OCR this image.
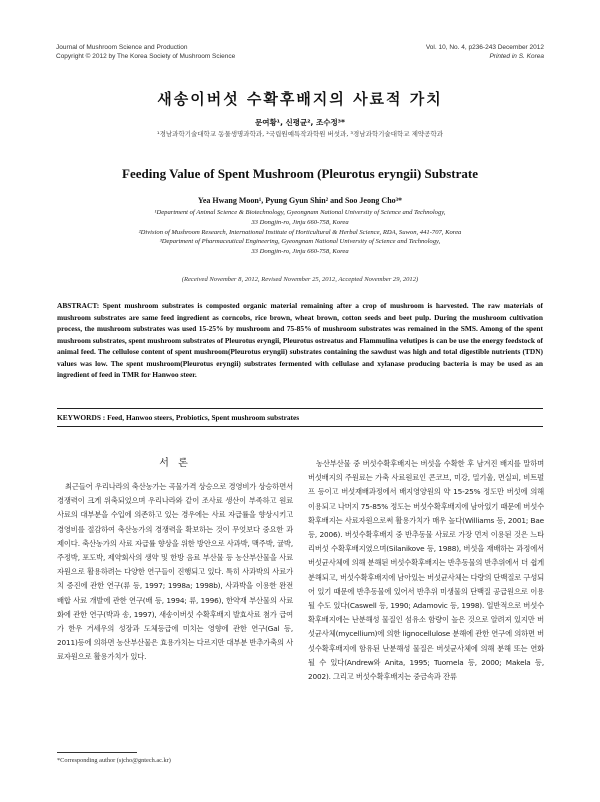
Journal of Mushroom Science and Production
Copyright © 2012 by The Korea Society of Mushroom Science
Vol. 10, No. 4, p236-243 December 2012
Printed in S. Korea
새송이버섯 수확후배지의 사료적 가치
문여황¹, 신평균², 조수정³*
¹경남과학기술대학교 동물생명과학과, ²국립원예특작과학원 버섯과, ³경남과학기술대학교 제약공학과
Feeding Value of Spent Mushroom (Pleurotus eryngii) Substrate
Yea Hwang Moon¹, Pyung Gyun Shin² and Soo Jeong Cho³*
¹Department of Animal Science & Biotechnology, Gyeongnam National University of Science and Technology,
33 Dongjin-ro, Jinju 660-758, Korea
²Division of Mushroom Research, International Institute of Horticultural & Herbal Science, RDA, Suwon, 441-707, Korea
³Department of Pharmaceutical Engineering, Gyeongnam National University of Science and Technology,
33 Dongjin-ro, Jinju 660-758, Korea
(Received November 8, 2012, Revised November 25, 2012, Accepted November 29, 2012)
ABSTRACT: Spent mushroom substrates is composted organic material remaining after a crop of mushroom is harvested. The raw materials of mushroom substrates are same feed ingredient as corncobs, rice brown, wheat brown, cotton seeds and beet pulp. During the mushroom cultivation process, the mushroom substrates was used 15-25% by mushroom and 75-85% of mushroom substrates was remained in the SMS. Among of the spent mushroom substrates, spent mushroom substrates of Pleurotus eryngii, Pleurotus ostreatus and Flammulina velutipes is can be use the energy feedstock of animal feed. The cellulose content of spent mushroom(Pleurotus eryngii) substrates containing the sawdust was high and total digestible nutrients (TDN) values was low. The spent mushroom(Pleurotus eryngii) substrates fermented with cellulase and xylanase producing bacteria is may be used as an ingredient of feed in TMR for Hanwoo steer.
KEYWORDS : Feed, Hanwoo steers, Probiotics, Spent mushroom substrates
서 론
최근들어 우리나라의 축산농가는 곡물가격 상승으로 경영비가 상승하면서 경쟁력이 크게 위축되었으며 우리나라와 같이 조사료 생산이 부족하고 원료사료의 대부분을 수입에 의존하고 있는 경우에는 사료 자급률을 향상시키고 경영비를 절감하여 축산농가의 경쟁력을 확보하는 것이 무엇보다 중요한 과제이다. 축산농가의 사료 자급률 향상을 위한 방안으로 사과박, 맥주박, 귤박, 주정박, 포도박, 제약회사의 생약 및 한방 음료 부산물 등 농산부산물을 사료자원으로 활용하려는 다양한 연구들이 진행되고 있다. 특히 사과박의 사료가치 증진에 관한 연구(류 등, 1997; 1998a; 1998b), 사과박을 이용한 완전배합 사료 개발에 관한 연구(배 등, 1994; 류, 1996), 한약재 부산물의 사료화에 관한 연구(박과 송, 1997), 새송이버섯 수확후배지 발효사료 첨가 급여가 한우 거세우의 성장과 도체등급에 미치는 영향에 관한 연구(Gal 등, 2011)등에 의하면 농산부산물은 효용가치는 다르지만 대부분 반추가축의 사료자원으로 활용가치가 있다.
농산부산물 중 버섯수확후배지는 버섯을 수확한 후 남겨진 배지를 말하며 버섯배지의 주원료는 가축 사료원료인 콘코브, 미강, 밀기울, 면실피, 비트펄프 등이고 버섯재배과정에서 배지영양원의 약 15-25% 정도만 버섯에 의해 이용되고 나머지 75-85% 정도는 버섯수확후배지에 남아있기 때문에 버섯수확후배지는 사료자원으로써 활용가치가 매우 높다(Williams 등, 2001; Bae 등, 2006). 버섯수확후배지 중 반추동물 사료로 가장 먼저 이용된 것은 느타리버섯 수확후배지였으며(Silanikove 등, 1988), 버섯을 재배하는 과정에서 버섯균사체에 의해 분해된 버섯수확후배지는 반추동물의 반추위에서 더 쉽게 분해되고, 버섯수확후배지에 남아있는 버섯균사체는 다량의 단백질로 구성되어 있기 때문에 반추동물에 있어서 반추위 미생물의 단백질 공급원으로 이용될 수도 있다(Caswell 등, 1990; Adamovic 등, 1998). 일반적으로 버섯수확후배지에는 난분해성 물질인 섬유소 함량이 높은 것으로 알려져 있지만 버섯균사체(mycellium)에 의한 lignocellulose 분해에 관한 연구에 의하면 버섯수확후배지에 함유된 난분해성 물질은 버섯균사체에 의해 분해 또는 연화될 수 있다(Andrew와 Anita, 1995; Tuomela 등, 2000; Makela 등, 2002). 그리고 버섯수확후배지는 중금속과 잔류
*Corresponding author (sjcho@gntech.ac.kr)
